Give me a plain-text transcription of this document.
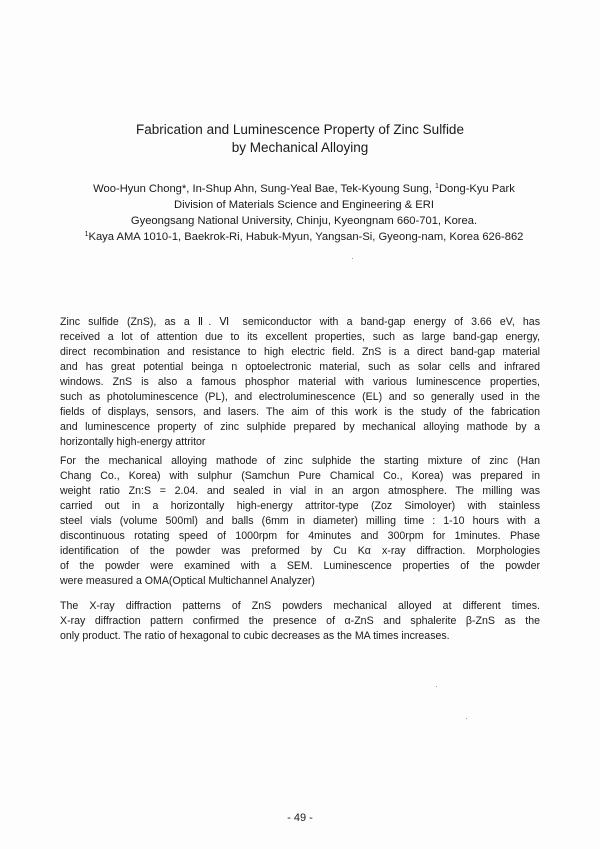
Fabrication and Luminescence Property of Zinc Sulfide
by Mechanical Alloying
Woo-Hyun Chong*, In-Shup Ahn, Sung-Yeal Bae, Tek-Kyoung Sung, $^1$Dong-Kyu Park
Division of Materials Science and Engineering & ERI
Gyeongsang National University, Chinju, Kyeongnam 660-701, Korea.
$^1$Kaya AMA 1010-1, Baekrok-Ri, Habuk-Myun, Yangsan-Si, Gyeong-nam, Korea 626-862
Zinc sulfide (ZnS), as a Ⅱ. Ⅵ semiconductor with a band-gap energy of 3.66 eV, has
received a lot of attention due to its excellent properties, such as large band-gap energy,
direct recombination and resistance to high electric field. ZnS is a direct band-gap material
and has great potential beinga n optoelectronic material, such as solar cells and infrared
windows. ZnS is also a famous phosphor material with various luminescence properties,
such as photoluminescence (PL), and electroluminescence (EL) and so generally used in the
fields of displays, sensors, and lasers. The aim of this work is the study of the fabrication
and luminescence property of zinc sulphide prepared by mechanical alloying mathode by a
horizontally high-energy attritor
For the mechanical alloying mathode of zinc sulphide the starting mixture of zinc (Han
Chang Co., Korea) with sulphur (Samchun Pure Chamical Co., Korea) was prepared in
weight ratio Zn:S = 2.04. and sealed in vial in an argon atmosphere. The milling was
carried out in a horizontally high-energy attritor-type (Zoz Simoloyer) with stainless
steel vials (volume 500ml) and balls (6mm in diameter) milling time : 1-10 hours with a
discontinuous rotating speed of 1000rpm for 4minutes and 300rpm for 1minutes. Phase
identification of the powder was preformed by Cu Kα x-ray diffraction. Morphologies
of the powder were examined with a SEM. Luminescence properties of the powder
were measured a OMA(Optical Multichannel Analyzer)
The X-ray diffraction patterns of ZnS powders mechanical alloyed at different times.
X-ray diffraction pattern confirmed the presence of α-ZnS and sphalerite β-ZnS as the
only product. The ratio of hexagonal to cubic decreases as the MA times increases.
- 49 -
